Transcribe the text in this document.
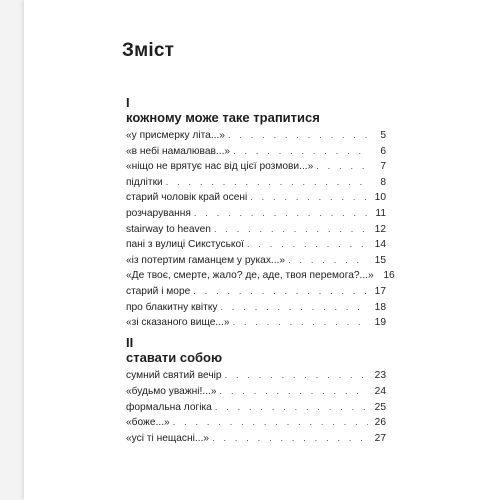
Зміст
I
кожному може таке трапитися
«у присмерку літа...» . . .	5
«в небі намалював...» . . .	6
«ніщо не врятує нас від цієї розмови...» . . .	7
підлітки . . .	8
старий чоловік край осені . . .	10
розчарування . . .	11
stairway to heaven . . .	12
пані з вулиці Сикстуської . . .	14
«із потертим гаманцем у руках...» . . .	15
«Де твоє, смерте, жало? де, аде, твоя перемога?...» 16
старий і море . . .	17
про блакитну квітку . . .	18
«зі сказаного вище...» . . .	19
II
ставати собою
сумний святий вечір . . .	23
«будьмо уважні!...» . . .	24
формальна логіка . . .	25
«боже...» . . .	26
«усі ті нещасні...» . . .	27
